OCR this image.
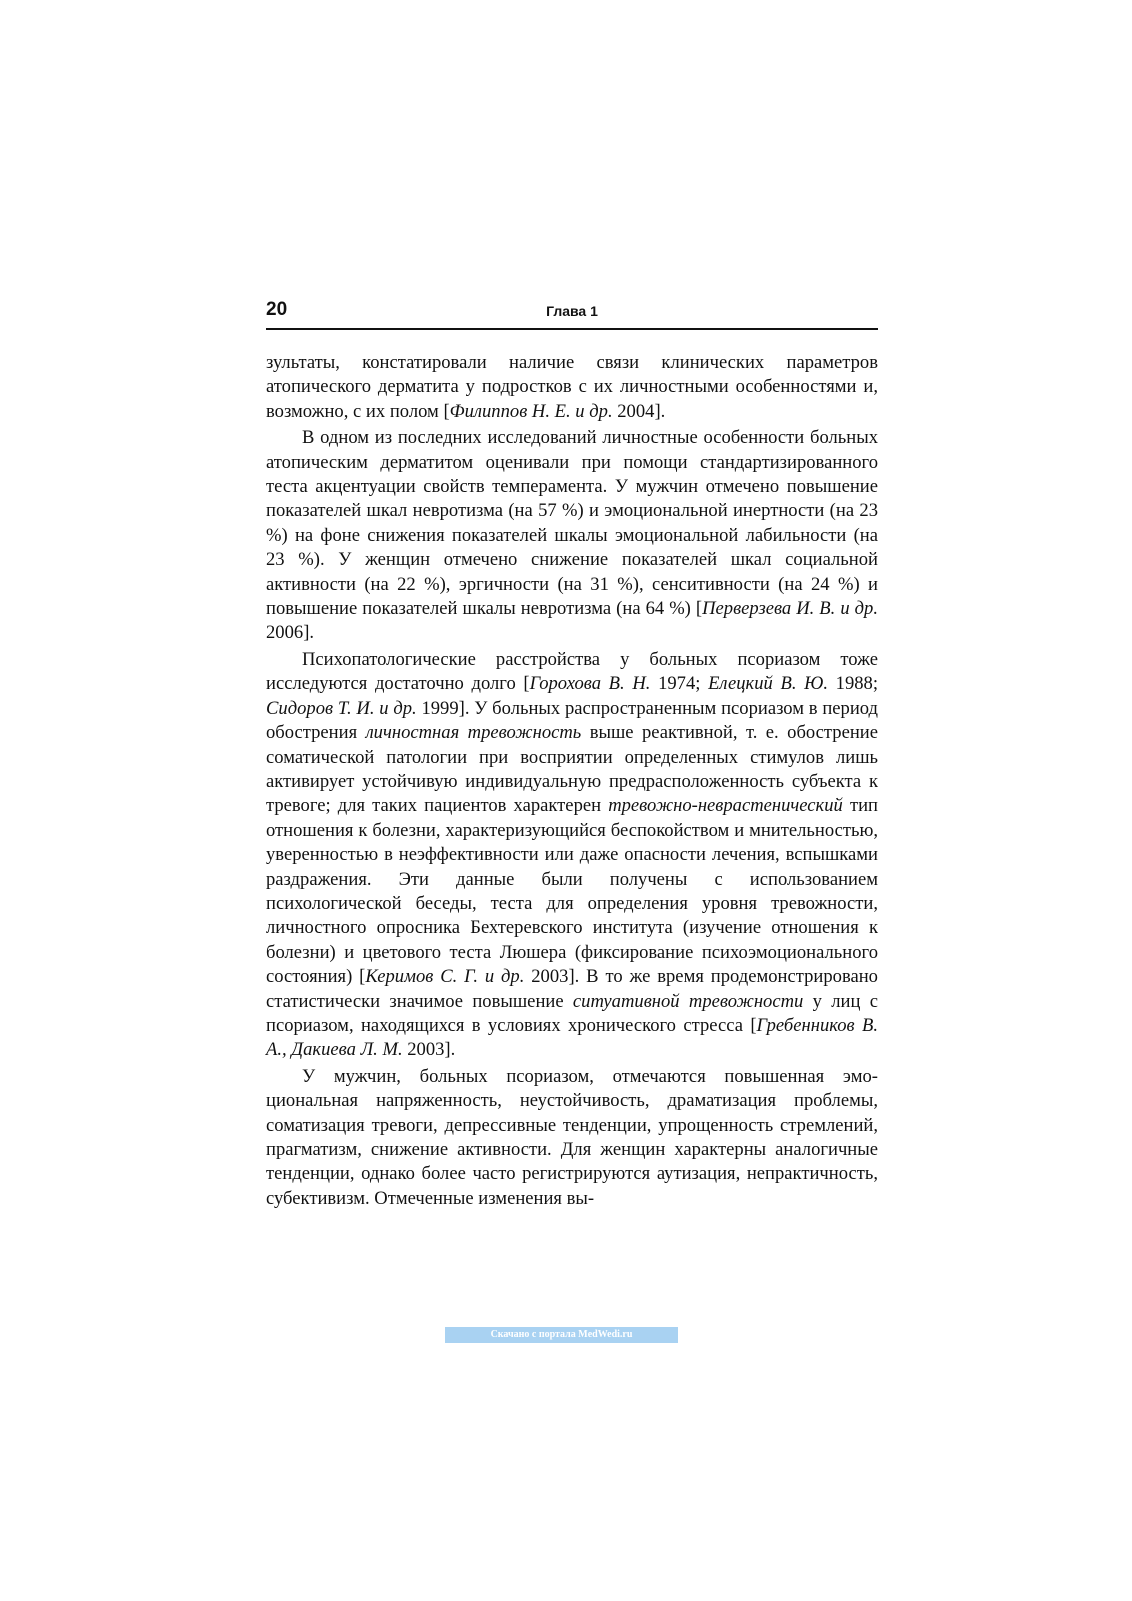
20	Глава 1

зультаты, констатировали наличие связи клинических параметров атопического дерматита у подростков с их личностными особенностями и, возможно, с их полом [Филиппов Н. Е. и др. 2004].

В одном из последних исследований личностные особенности больных атопическим дерматитом оценивали при помощи стандартизированного теста акцентуации свойств темперамента. У мужчин отмечено повышение показателей шкал невротизма (на 57 %) и эмоциональной инертности (на 23 %) на фоне снижения показателей шкалы эмоциональной лабильности (на 23 %). У женщин отмечено снижение показателей шкал социальной активности (на 22 %), эргичности (на 31 %), сенситивности (на 24 %) и повышение показателей шкалы невротизма (на 64 %) [Перверзева И. В. и др. 2006].

Психопатологические расстройства у больных псориазом тоже исследуются достаточно долго [Горохова В. Н. 1974; Елецкий В. Ю. 1988; Сидоров Т. И. и др. 1999]. У больных распространенным псориазом в период обострения личностная тревожность выше реактивной, т. е. обострение соматической патологии при восприятии определенных стимулов лишь активирует устойчивую индивидуальную предрасположенность субъекта к тревоге; для таких пациентов характерен тревожно-неврастенический тип отношения к болезни, характеризующийся беспокойством и мнительностью, уверенностью в неэффективности или даже опасности лечения, вспышками раздражения. Эти данные были получены с использованием психологической беседы, теста для определения уровня тревожности, личностного опросника Бехтеревского института (изучение отношения к болезни) и цветового теста Люшера (фиксирование психоэмоционального состояния) [Керимов С. Г. и др. 2003]. В то же время продемонстрировано статистически значимое повышение ситуативной тревожности у лиц с псориазом, находящихся в условиях хронического стресса [Гребенников В. А., Дакиева Л. М. 2003].

У мужчин, больных псориазом, отмечаются повышенная эмоциональная напряженность, неустойчивость, драматизация проблемы, соматизация тревоги, депрессивные тенденции, упрощенность стремлений, прагматизм, снижение активности. Для женщин характерны аналогичные тенденции, однако более часто регистрируются аутизация, непрактичность, субективизм. Отмеченные изменения вы-

Скачано с портала MedWedi.ru
